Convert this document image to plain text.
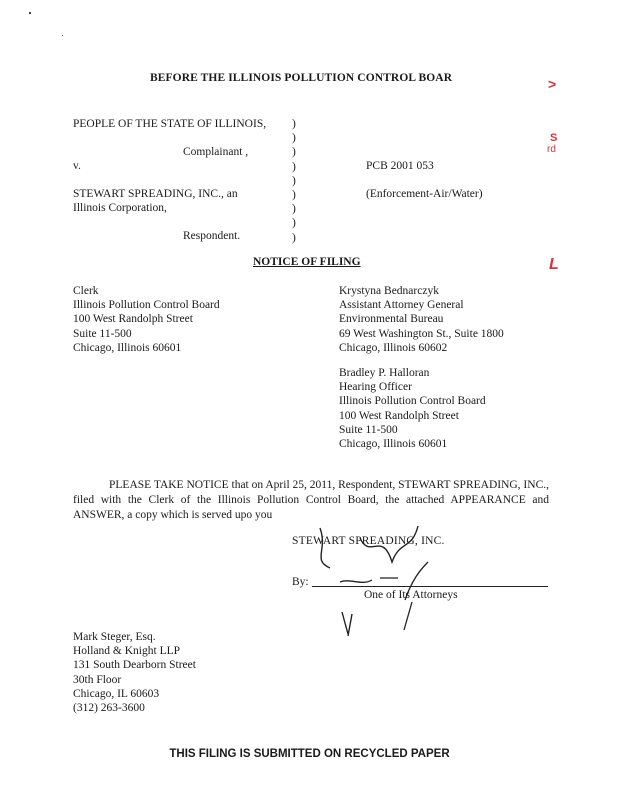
BEFORE THE ILLINOIS POLLUTION CONTROL BOAR
PEOPLE OF THE STATE OF ILLINOIS,
Complainant ,
v.
STEWART SPREADING, INC., an
Illinois Corporation,
Respondent.
)
)
)
)
)
)
)
)
)
PCB 2001 053
(Enforcement-Air/Water)
NOTICE OF FILING
Clerk
Illinois Pollution Control Board
100 West Randolph Street
Suite 11-500
Chicago, Illinois 60601
Krystyna Bednarczyk
Assistant Attorney General
Environmental Bureau
69 West Washington St., Suite 1800
Chicago, Illinois 60602
Bradley P. Halloran
Hearing Officer
Illinois Pollution Control Board
100 West Randolph Street
Suite 11-500
Chicago, Illinois 60601
PLEASE TAKE NOTICE that on April 25, 2011, Respondent, STEWART SPREADING, INC., filed with the Clerk of the Illinois Pollution Control Board, the attached APPEARANCE and ANSWER, a copy which is served upo you
STEWART SPREADING, INC.
By:
One of Its Attorneys
Mark Steger, Esq.
Holland & Knight LLP
131 South Dearborn Street
30th Floor
Chicago, IL 60603
(312) 263-3600
THIS FILING IS SUBMITTED ON RECYCLED PAPER
>
S
rd
L
